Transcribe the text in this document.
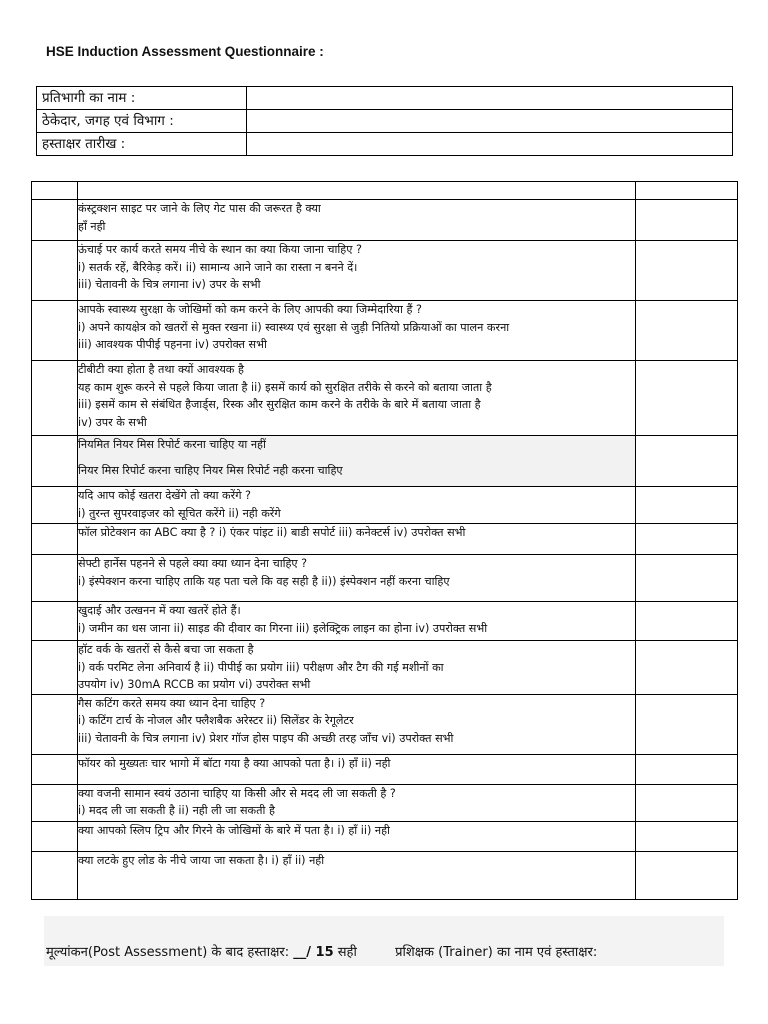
HSE Induction Assessment Questionnaire :
प्रतिभागी का नाम :	
ठेकेदार, जगह एवं विभाग :	
हस्ताक्षर तारीख :	

	कंस्ट्रक्शन साइट पर जाने के लिए गेट पास की जरूरत है क्या
हाँ नही	

	ऊंचाई पर कार्य करते समय नीचे के स्थान का क्या किया जाना चाहिए ?
i) सतर्क रहें, बैरिकेड़ करें। ii) सामान्य आने जाने का रास्ता न बनने दें।
iii) चेतावनी के चित्र लगाना iv) उपर के सभी	

	आपके स्वास्थ्य सुरक्षा के जोखिमों को कम करने के लिए आपकी क्या जिम्मेदारिया हैं ?
i) अपने कायक्षेत्र को खतरों से मुक्त रखना ii) स्वास्थ्य एवं सुरक्षा से जुड़ी नितियो प्रक्रियाओं का पालन करना
iii) आवश्यक पीपीई पहनना iv) उपरोक्त सभी	

	टीबीटी क्या होता है तथा क्यों आवश्यक है
यह काम शुरू करने से पहले किया जाता है ii) इसमें कार्य को सुरक्षित तरीके से करने को बताया जाता है
iii) इसमें काम से संबंधित हैजार्ड्स, रिस्क और सुरक्षित काम करने के तरीके के बारे में बताया जाता है
iv) उपर के सभी	

	नियमित नियर मिस रिपोर्ट करना चाहिए या नहीं
नियर मिस रिपोर्ट करना चाहिए नियर मिस रिपोर्ट नही करना चाहिए	

	यदि आप कोई खतरा देखेंगे तो क्या करेंगे ?
i) तुरन्त सुपरवाइजर को सूचित करेंगे ii) नही करेंगे	

	फॉल प्रोटेक्शन का ABC क्या है ? i) एंकर पांइट ii) बाडी सपोर्ट iii) कनेक्टर्स iv) उपरोक्त सभी	

	सेफ्टी हार्नेस पहनने से पहले क्या क्या ध्यान देना चाहिए ?
i) इंस्पेक्शन करना चाहिए ताकि यह पता चले कि वह सही है ii)) इंस्पेक्शन नहीं करना चाहिए	

	खुदाई और उत्खनन में क्या खतरें होते हैं।
i) जमीन का धस जाना ii) साइड की दीवार का गिरना iii) इलेक्ट्रिक लाइन का होना iv) उपरोक्त सभी	

	हॉट वर्क के खतरों से कैसे बचा जा सकता है
i) वर्क परमिट लेना अनिवार्य है ii) पीपीई का प्रयोग iii) परीक्षण और टैग की गई मशीनों का
उपयोग iv) 30mA RCCB का प्रयोग vi) उपरोक्त सभी	

	गैस कटिंग करते समय क्या ध्यान देना चाहिए ?
i) कटिंग टार्च के नोजल और फ्लैशबैक अरेस्टर ii) सिलेंडर के रेगूलेटर
iii) चेतावनी के चित्र लगाना iv) प्रेशर गॉज होस पाइप की अच्छी तरह जाँच vi) उपरोक्त सभी	

	फॉयर को मुख्यतः चार भागो में बॉटा गया है क्या आपको पता है। i) हॉं ii) नही	

	क्या वजनी सामान स्वयं उठाना चाहिए या किसी और से मदद ली जा सकती है ?
i) मदद ली जा सकती है ii) नही ली जा सकती है	

	क्या आपको स्लिप ट्रिप और गिरने के जोखिमों के बारे में पता है। i) हाँ ii) नही	

	क्या लटके हुए लोड के नीचे जाया जा सकता है। i) हाँ ii) नही	

मूल्यांकन(Post Assessment) के बाद हस्ताक्षर: __/ 15 सही	प्रशिक्षक (Trainer) का नाम एवं हस्ताक्षर:
